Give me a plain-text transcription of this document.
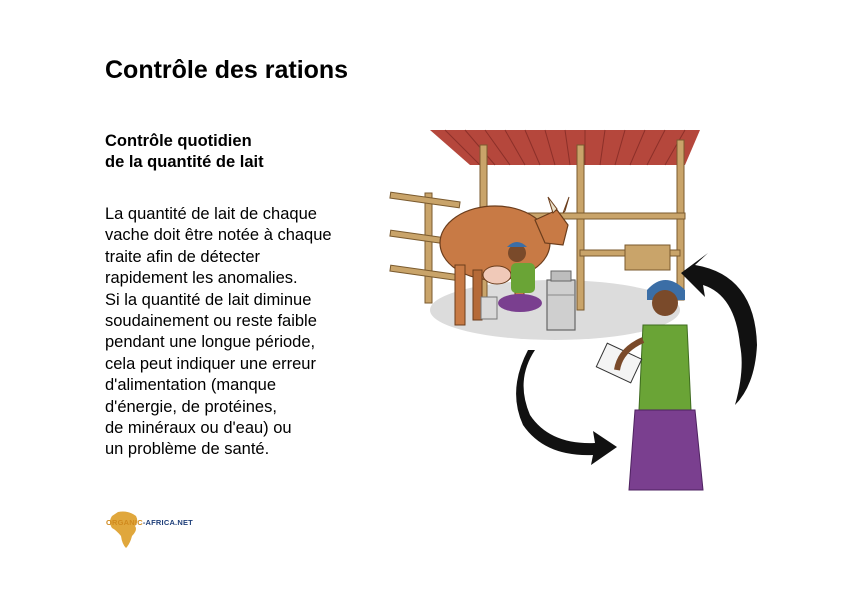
Contrôle des rations
Contrôle quotidien
de la quantité de lait
La quantité de lait de chaque
vache doit être notée à chaque
traite afin de détecter
rapidement les anomalies.
Si la quantité de lait diminue
soudainement ou reste faible
pendant une longue période,
cela peut indiquer une erreur
d'alimentation (manque
d'énergie, de protéines,
de minéraux ou d'eau) ou
un problème de santé.
ORGANIC-AFRICA.NET
